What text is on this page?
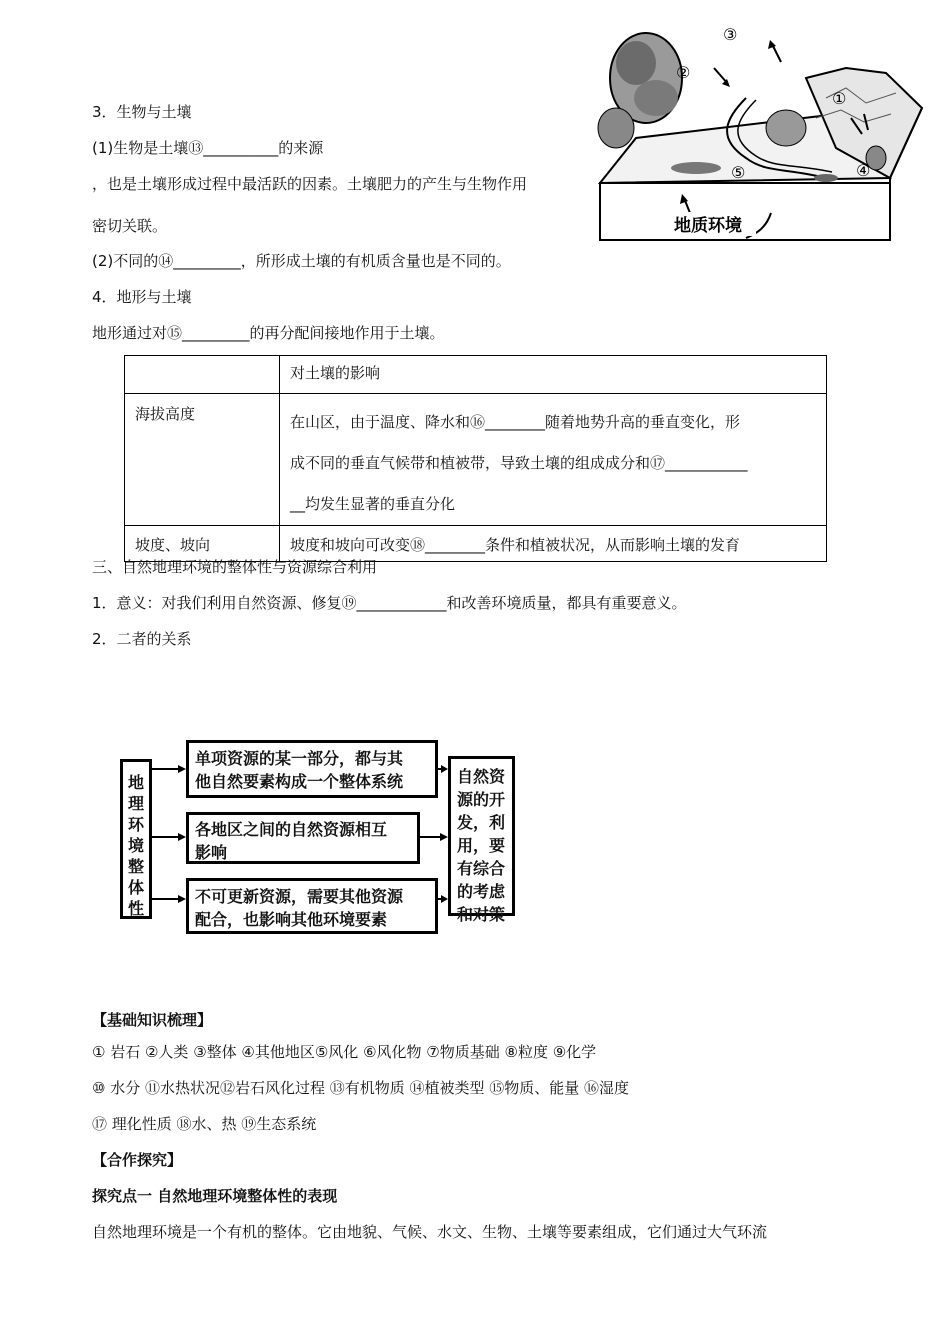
3．生物与土壤
(1)生物是土壤⑬__________的来源
，也是土壤形成过程中最活跃的因素。土壤肥力的产生与生物作用
密切关联。
(2)不同的⑭_________，所形成土壤的有机质含量也是不同的。
4．地形与土壤
地形通过对⑮_________的再分配间接地作用于土壤。
③
②
①
④
⑤
地质环境
	对土壤的影响
海拔高度	在山区，由于温度、降水和⑯________随着地势升高的垂直变化，形
成不同的垂直气候带和植被带，导致土壤的组成成分和⑰___________
__均发生显著的垂直分化

坡度、坡向	坡度和坡向可改变⑱________条件和植被状况，从而影响土壤的发育
三、自然地理环境的整体性与资源综合利用
1．意义：对我们利用自然资源、修复⑲____________和改善环境质量，都具有重要意义。
2．二者的关系
地
理
环
境
整
体
性
单项资源的某一部分，都与其
他自然要素构成一个整体系统
各地区之间的自然资源相互
影响
不可更新资源，需要其他资源
配合，也影响其他环境要素
自然资
源的开
发，利
用，要
有综合
的考虑
和对策
【基础知识梳理】
① 岩石 ②人类 ③整体 ④其他地区⑤风化 ⑥风化物 ⑦物质基础 ⑧粒度 ⑨化学
⑩ 水分 ⑪水热状况⑫岩石风化过程 ⑬有机物质 ⑭植被类型 ⑮物质、能量 ⑯湿度
⑰ 理化性质 ⑱水、热 ⑲生态系统
【合作探究】
探究点一 自然地理环境整体性的表现
自然地理环境是一个有机的整体。它由地貌、气候、水文、生物、土壤等要素组成，它们通过大气环流
